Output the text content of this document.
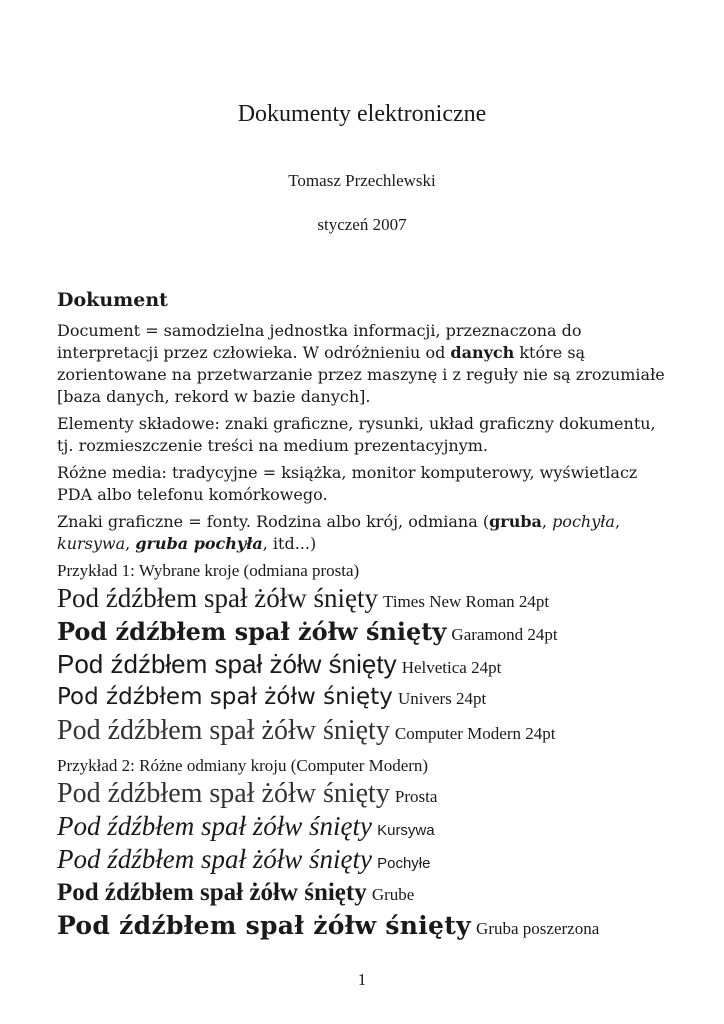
Dokumenty elektroniczne
Tomasz Przechlewski
styczeń 2007
Dokument

Document = samodzielna jednostka informacji, przeznaczona do interpretacji przez człowieka. W odróżnieniu od danych które są zorientowane na przetwarzanie przez maszynę i z reguły nie są zrozumiałe [baza danych, rekord w bazie danych].

Elementy składowe: znaki graficzne, rysunki, układ graficzny dokumentu, tj. rozmieszczenie treści na medium prezentacyjnym.

Różne media: tradycyjne = książka, monitor komputerowy, wyświetlacz PDA albo telefonu komórkowego.

Znaki graficzne = fonty. Rodzina albo krój, odmiana (gruba, pochyła, kursywa, gruba pochyła, itd...)

Przykład 1: Wybrane kroje (odmiana prosta)
Pod źdźbłem spał żółw śnięty Times New Roman 24pt
Pod źdźbłem spał żółw śnięty Garamond 24pt
Pod źdźbłem spał żółw śnięty Helvetica 24pt
Pod źdźbłem spał żółw śnięty Univers 24pt
Pod źdźbłem spał żółw śnięty Computer Modern 24pt
Przykład 2: Różne odmiany kroju (Computer Modern)
Pod źdźbłem spał żółw śnięty Prosta
Pod źdźbłem spał żółw śnięty Kursywa
Pod źdźbłem spał żółw śnięty Pochyłe
Pod źdźbłem spał żółw śnięty Grube
Pod źdźbłem spał żółw śnięty Gruba poszerzona
1
